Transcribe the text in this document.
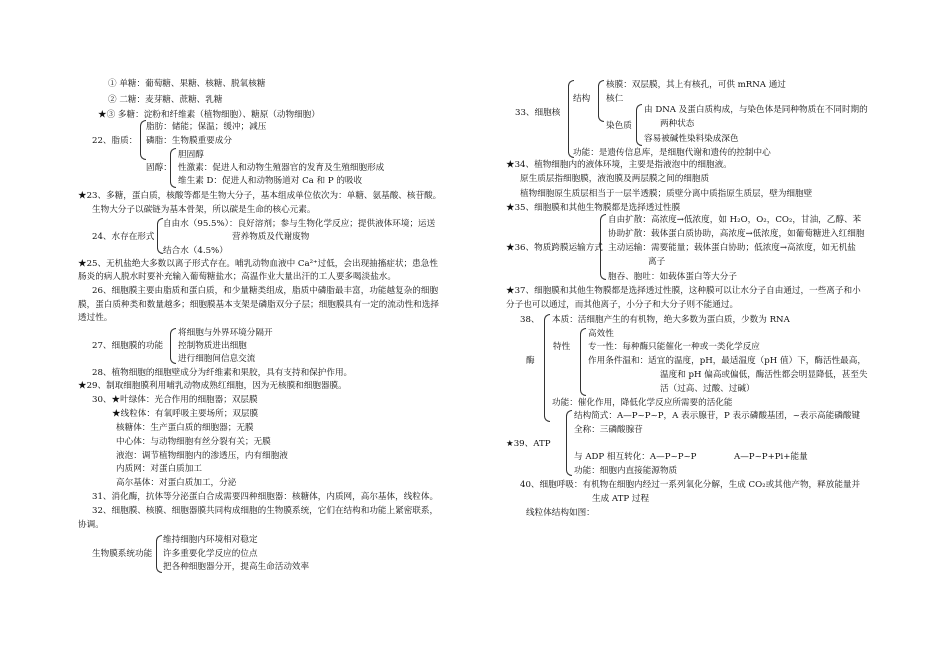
① 单糖：葡萄糖、果糖、核糖、脱氧核糖
② 二糖：麦芽糖、蔗糖、乳糖
★③ 多糖：淀粉和纤维素（植物细胞）、糖原（动物细胞）
脂肪：储能；保温；缓冲；减压
22、脂质： 磷脂：生物膜重要成分
胆固醇
固醇： 性激素：促进人和动物生殖器官的发育及生殖细胞形成
维生素 D：促进人和动物肠道对 Ca 和 P 的吸收
★23、多糖，蛋白质，核酸等都是生物大分子，基本组成单位依次为：单糖、氨基酸、核苷酸。
生物大分子以碳链为基本骨架，所以碳是生命的核心元素。
自由水（95.5%）：良好溶剂；参与生物化学反应；提供液体环境；运送
24、水存在形式	营养物质及代谢废物
结合水（4.5%）
★25、无机盐绝大多数以离子形式存在。哺乳动物血液中 Ca²⁺过低，会出现抽搐症状；患急性
肠炎的病人脱水时要补充输入葡萄糖盐水；高温作业大量出汗的工人要多喝淡盐水。
26、细胞膜主要由脂质和蛋白质，和少量糖类组成，脂质中磷脂最丰富，功能越复杂的细胞
膜，蛋白质种类和数量越多；细胞膜基本支架是磷脂双分子层；细胞膜具有一定的流动性和选择
透过性。
将细胞与外界环境分隔开
27、细胞膜的功能 控制物质进出细胞
进行细胞间信息交流
28、植物细胞的细胞壁成分为纤维素和果胶，具有支持和保护作用。
★29、制取细胞膜利用哺乳动物成熟红细胞，因为无核膜和细胞器膜。
30、★叶绿体：光合作用的细胞器；双层膜
★线粒体：有氧呼吸主要场所；双层膜
核糖体：生产蛋白质的细胞器；无膜
中心体：与动物细胞有丝分裂有关；无膜
液泡：调节植物细胞内的渗透压，内有细胞液
内质网：对蛋白质加工
高尔基体：对蛋白质加工，分泌
31、消化酶，抗体等分泌蛋白合成需要四种细胞器：核糖体，内质网，高尔基体，线粒体。
32、细胞膜、核膜、细胞器膜共同构成细胞的生物膜系统，它们在结构和功能上紧密联系，
协调。
维持细胞内环境相对稳定
生物膜系统功能 许多重要化学反应的位点
把各种细胞器分开，提高生命活动效率
核膜：双层膜，其上有核孔，可供 mRNA 通过
结构 核仁
33、细胞核	由 DNA 及蛋白质构成，与染色体是同种物质在不同时期的
染色质	两种状态
容易被碱性染料染成深色
功能：是遗传信息库，是细胞代谢和遗传的控制中心
★34、植物细胞内的液体环境，主要是指液泡中的细胞液。
原生质层指细胞膜，液泡膜及两层膜之间的细胞质
植物细胞原生质层相当于一层半透膜；质壁分离中质指原生质层，壁为细胞壁
★35、细胞膜和其他生物膜都是选择透过性膜
自由扩散：高浓度→低浓度，如 H₂O，O₂，CO₂，甘油，乙醇、苯
协助扩散：载体蛋白质协助，高浓度→低浓度，如葡萄糖进入红细胞
★36、物质跨膜运输方式 主动运输：需要能量；载体蛋白协助；低浓度→高浓度，如无机盐
离子
胞吞、胞吐：如载体蛋白等大分子
★37、细胞膜和其他生物膜都是选择透过性膜，这种膜可以让水分子自由通过，一些离子和小
分子也可以通过，而其他离子，小分子和大分子则不能通过。
38、 本质：活细胞产生的有机物，绝大多数为蛋白质，少数为 RNA
高效性
特性 专一性：每种酶只能催化一种或一类化学反应
酶	作用条件温和：适宜的温度，pH，最适温度（pH 值）下，酶活性最高，
温度和 pH 偏高或偏低，酶活性都会明显降低，甚至失
活（过高、过酸、过碱）
功能：催化作用，降低化学反应所需要的活化能
结构简式：A—P~P~P，A 表示腺苷，P 表示磷酸基团，~表示高能磷酸键
全称：三磷酸腺苷
★39、ATP
与 ADP 相互转化：A—P~P~P	A—P~P+Pi+能量
功能：细胞内直接能源物质
40、细胞呼吸：有机物在细胞内经过一系列氧化分解，生成 CO₂或其他产物，释放能量并
生成 ATP 过程
线粒体结构如图：
